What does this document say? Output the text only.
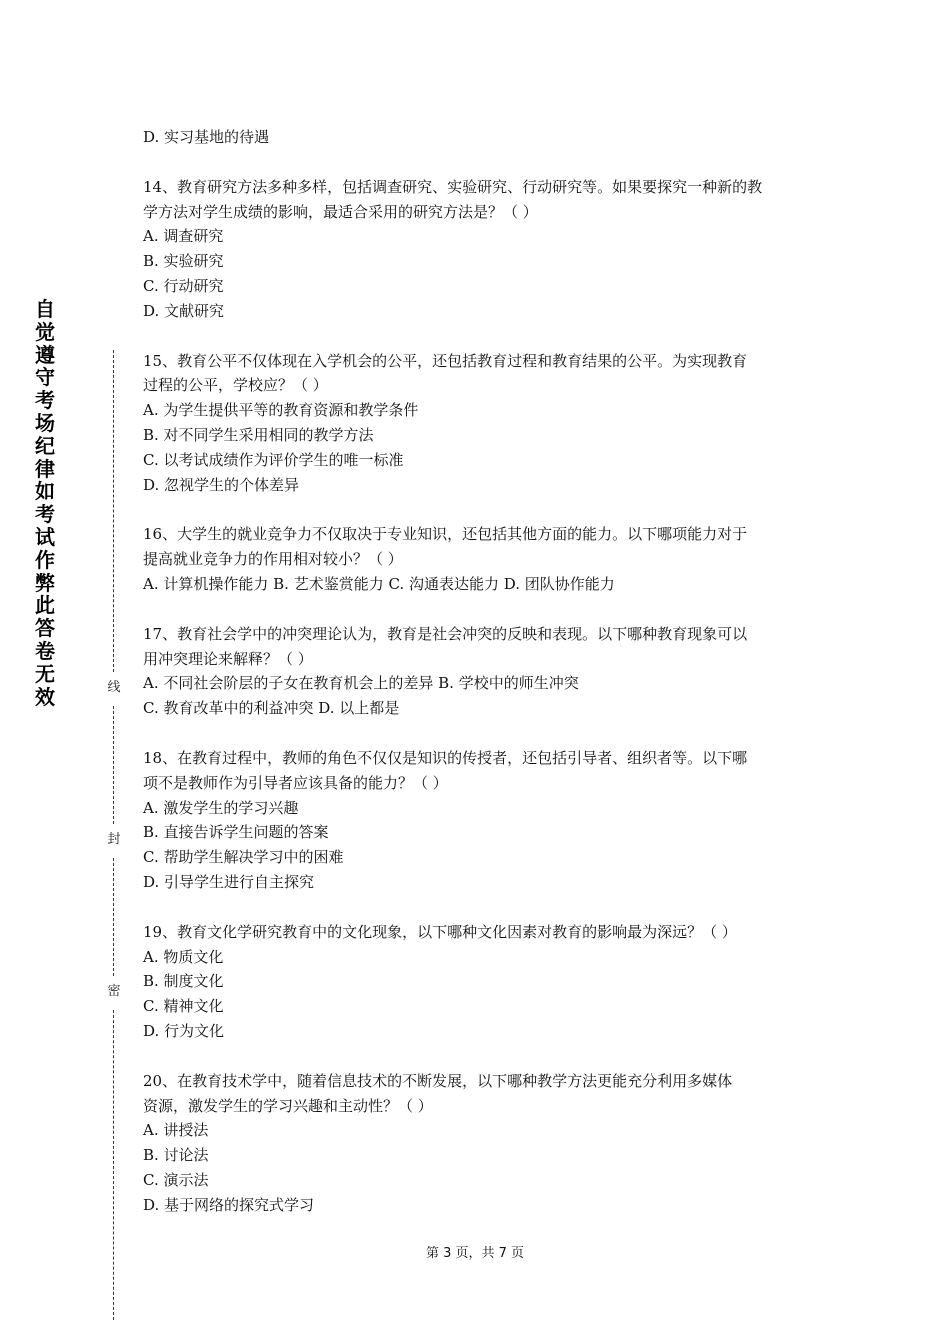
自
觉
遵
守
考
场
纪
律
如
考
试
作
弊
此
答
卷
无
效	线
封
密
D. 实习基地的待遇
14、教育研究方法多种多样，包括调查研究、实验研究、行动研究等。如果要探究一种新的教
学方法对学生成绩的影响，最适合采用的研究方法是？（ ）
A. 调查研究
B. 实验研究
C. 行动研究
D. 文献研究
15、教育公平不仅体现在入学机会的公平，还包括教育过程和教育结果的公平。为实现教育
过程的公平，学校应？（ ）
A. 为学生提供平等的教育资源和教学条件
B. 对不同学生采用相同的教学方法
C. 以考试成绩作为评价学生的唯一标准
D. 忽视学生的个体差异
16、大学生的就业竞争力不仅取决于专业知识，还包括其他方面的能力。以下哪项能力对于
提高就业竞争力的作用相对较小？（ ）
A. 计算机操作能力 B. 艺术鉴赏能力 C. 沟通表达能力 D. 团队协作能力
17、教育社会学中的冲突理论认为，教育是社会冲突的反映和表现。以下哪种教育现象可以
用冲突理论来解释？（ ）
A. 不同社会阶层的子女在教育机会上的差异 B. 学校中的师生冲突
C. 教育改革中的利益冲突 D. 以上都是
18、在教育过程中，教师的角色不仅仅是知识的传授者，还包括引导者、组织者等。以下哪
项不是教师作为引导者应该具备的能力？（ ）
A. 激发学生的学习兴趣
B. 直接告诉学生问题的答案
C. 帮助学生解决学习中的困难
D. 引导学生进行自主探究
19、教育文化学研究教育中的文化现象，以下哪种文化因素对教育的影响最为深远？（ ）
A. 物质文化
B. 制度文化
C. 精神文化
D. 行为文化
20、在教育技术学中，随着信息技术的不断发展，以下哪种教学方法更能充分利用多媒体
资源，激发学生的学习兴趣和主动性？（ ）
A. 讲授法
B. 讨论法
C. 演示法
D. 基于网络的探究式学习
第 3 页，共 7 页
